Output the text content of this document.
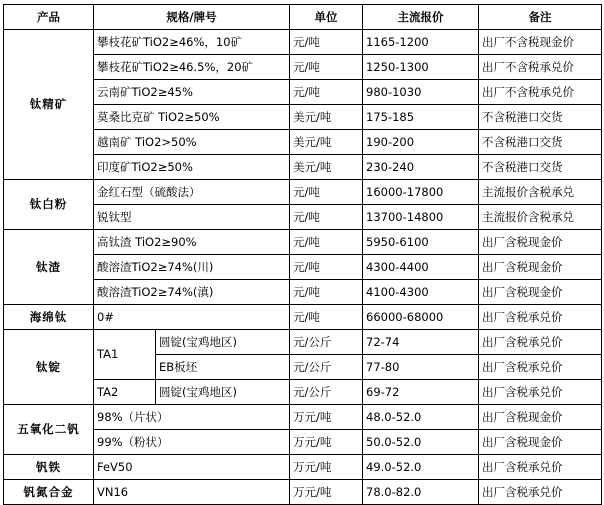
产品	规格/牌号		单位	主流报价	备注
钛精矿	攀枝花矿TiO2≥46%，10矿		元/吨	1165-1200	出厂不含税现金价
	攀枝花矿TiO2≥46.5%，20矿		元/吨	1250-1300	出厂不含税承兑价
	云南矿TiO2≥45%		元/吨	980-1030	出厂不含税承兑价
	莫桑比克矿 TiO2≥50%		美元/吨	175-185	不含税港口交货
	越南矿 TiO2>50%		美元/吨	190-200	不含税港口交货
	印度矿TiO2≥50%		美元/吨	230-240	不含税港口交货
钛白粉	金红石型（硫酸法）		元/吨	16000-17800	主流报价含税承兑
	锐钛型		元/吨	13700-14800	主流报价含税承兑
钛渣	高钛渣 TiO2≥90%		元/吨	5950-6100	出厂含税现金价
	酸溶渣TiO2≥74%(川)		元/吨	4300-4400	出厂含税现金价
	酸溶渣TiO2≥74%(滇)		元/吨	4100-4300	出厂含税现金价
海绵钛	0#		元/吨	66000-68000	出厂含税承兑价
钛锭	TA1	圆锭(宝鸡地区)	元/公斤	72-74	出厂含税承兑价
		EB板坯	元/公斤	77-80	出厂含税承兑价
	TA2	圆锭(宝鸡地区)	元/公斤	69-72	出厂含税承兑价
五氧化二钒	98%（片状）		万元/吨	48.0-52.0	出厂含税现金价
	99%（粉状）		万元/吨	50.0-52.0	出厂含税现金价
钒铁	FeV50		万元/吨	49.0-52.0	出厂含税承兑价
钒氮合金	VN16		万元/吨	78.0-82.0	出厂含税承兑价
